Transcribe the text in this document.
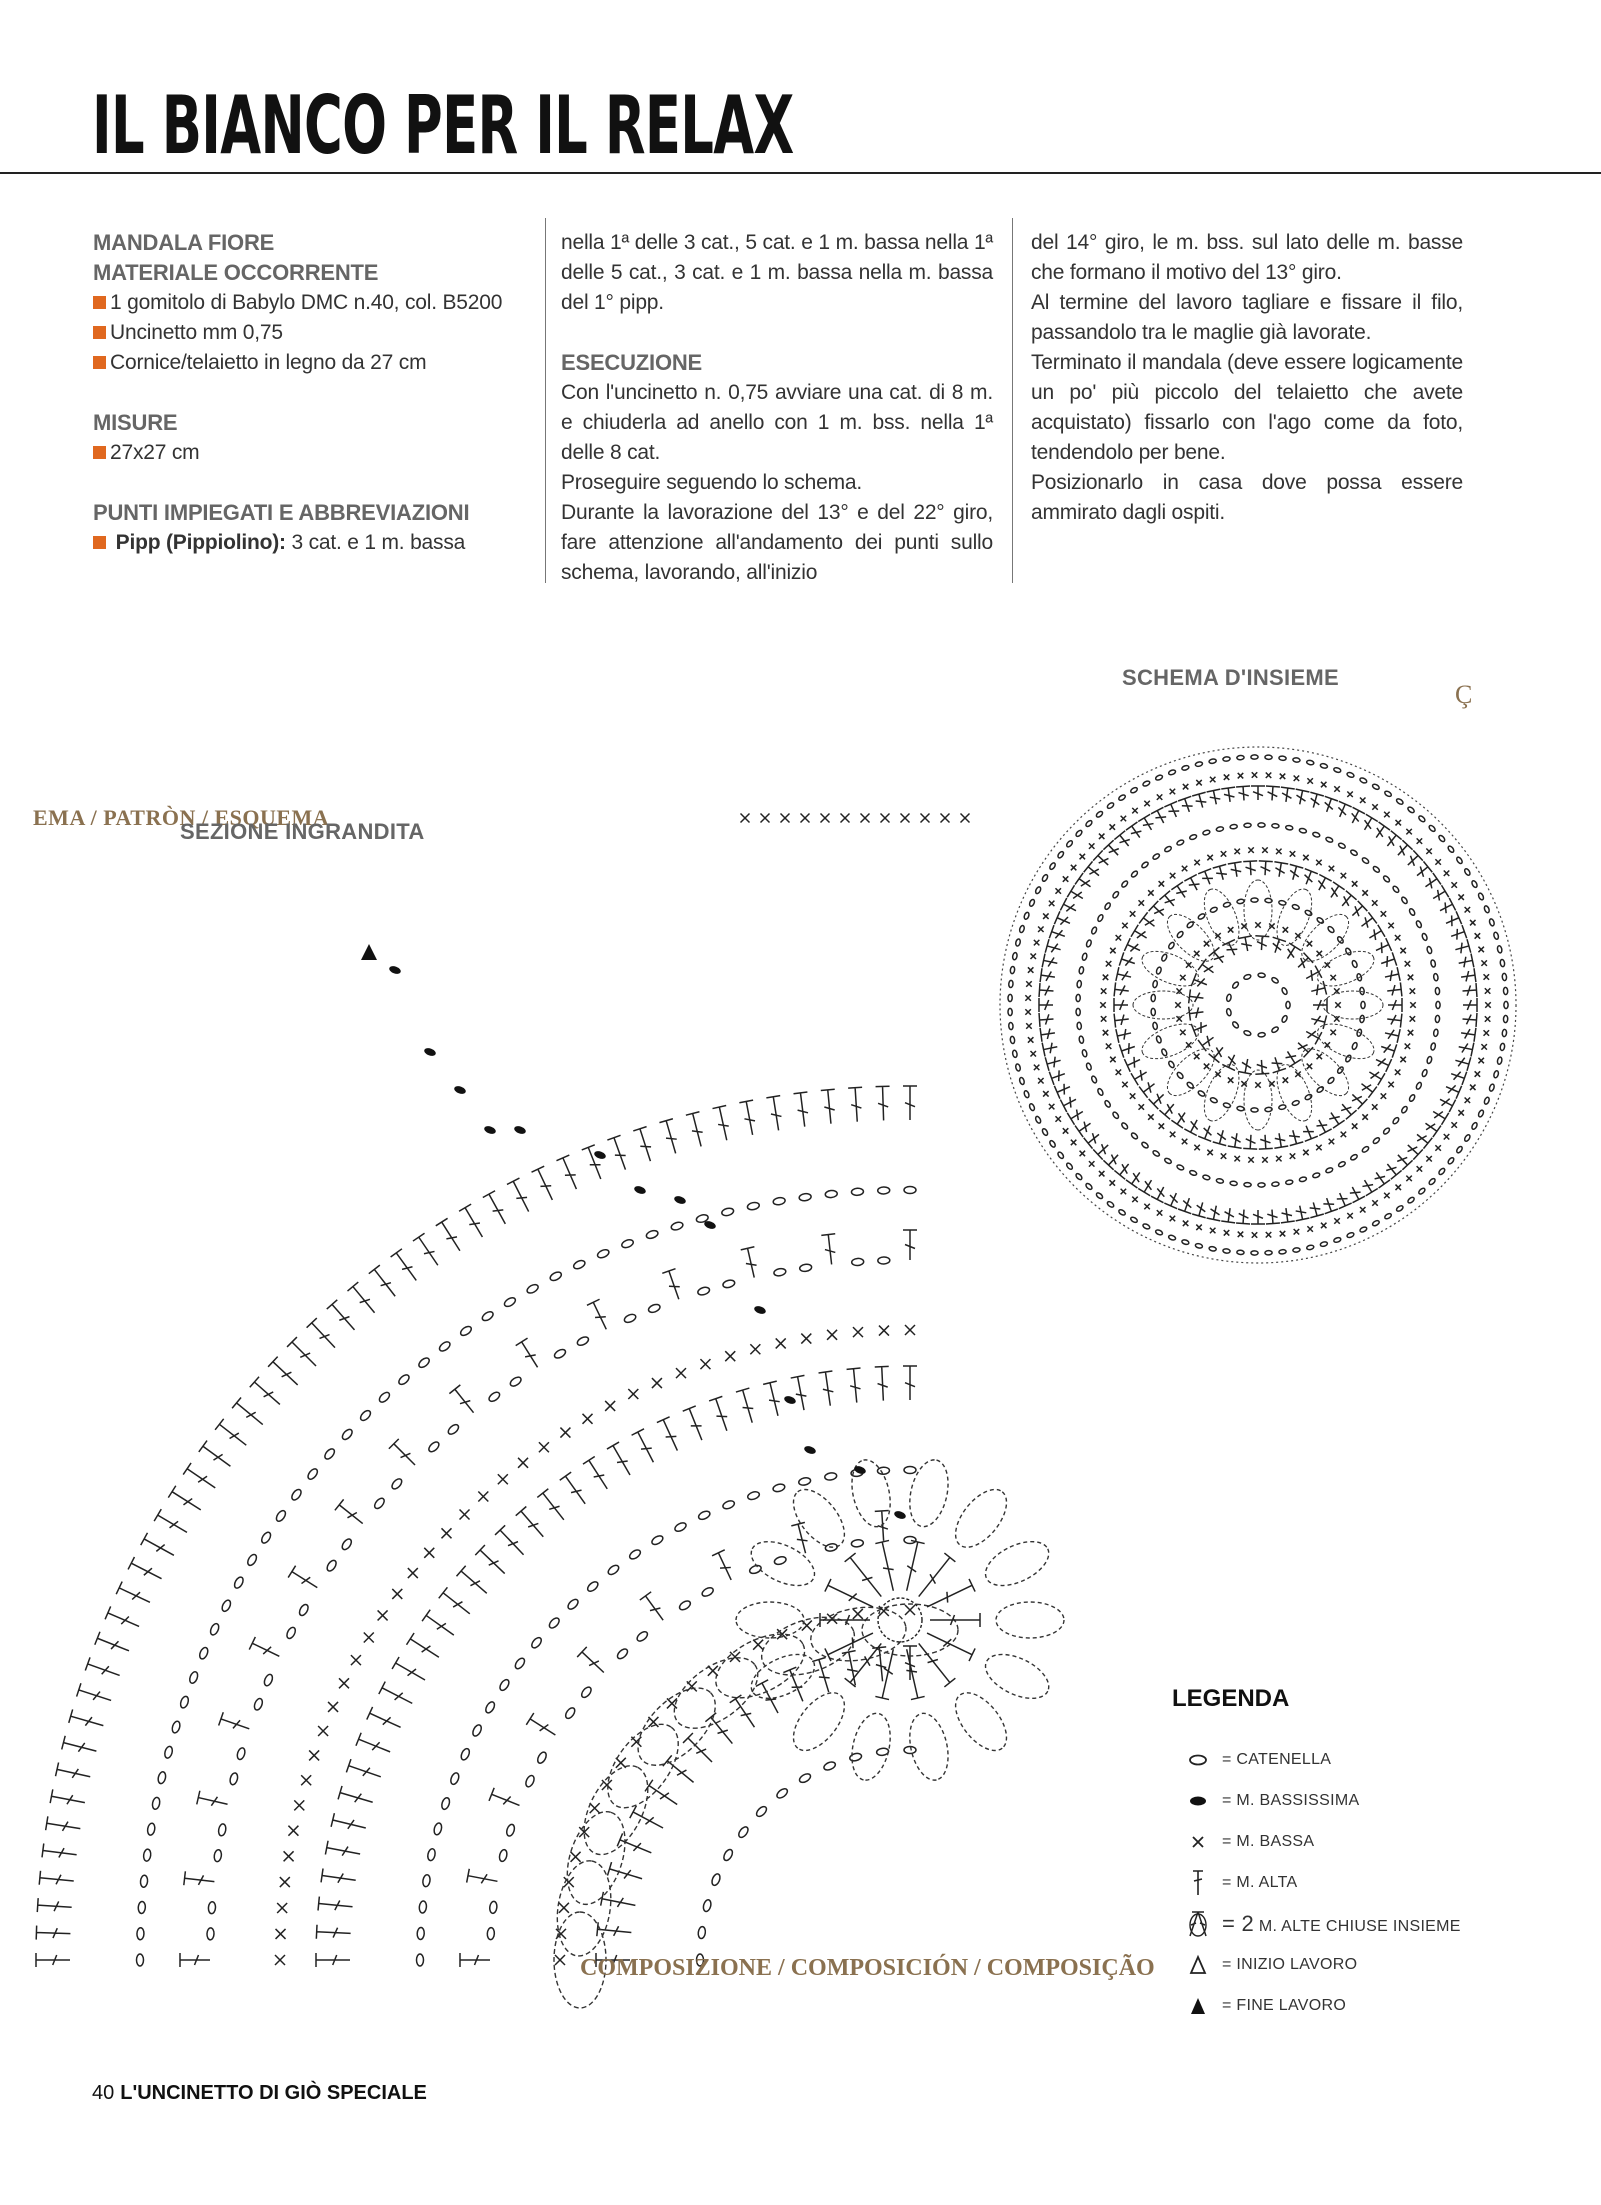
IL BIANCO PER IL RELAX
MANDALA FIORE
MATERIALE OCCORRENTE
1 gomitolo di Babylo DMC n.40, col. B5200
Uncinetto mm 0,75
Cornice/telaietto in legno da 27 cm
MISURE
27x27 cm
PUNTI IMPIEGATI E ABBREVIAZIONI
Pipp (Pippiolino): 3 cat. e 1 m. bassa

nella 1ª delle 3 cat., 5 cat. e 1 m. bassa nella 1ª delle 5 cat., 3 cat. e 1 m. bassa nella m. bassa del 1° pipp.

ESECUZIONE

Con l'uncinetto n. 0,75 avviare una cat. di 8 m. e chiuderla ad anello con 1 m. bss. nella 1ª delle 8 cat.

Proseguire seguendo lo schema.

Durante la lavorazione del 13° e del 22° giro, fare attenzione all'andamento dei punti sullo schema, lavorando, all'inizio

del 14° giro, le m. bss. sul lato delle m. basse che formano il motivo del 13° giro.

Al termine del lavoro tagliare e fissare il filo, passandolo tra le maglie già lavorate.

Terminato il mandala (deve essere logicamente un po' più piccolo del telaietto che avete acquistato) fissarlo con l'ago come da foto, tendendolo per bene.

Posizionarlo in casa dove possa essere ammirato dagli ospiti.

SCHEMA D'INSIEME
Ç
EMA / PATRÒN / ESQUEMA
SEZIONE INGRANDITA
COMPOSIZIONE / COMPOSICIÓN / COMPOSIÇÃO
LEGENDA
= CATENELLA
= M. BASSISSIMA
= M. BASSA
= M. ALTA
= 2 M. ALTE CHIUSE INSIEME
= INIZIO LAVORO
= FINE LAVORO
40 L'UNCINETTO DI GIÒ SPECIALE
